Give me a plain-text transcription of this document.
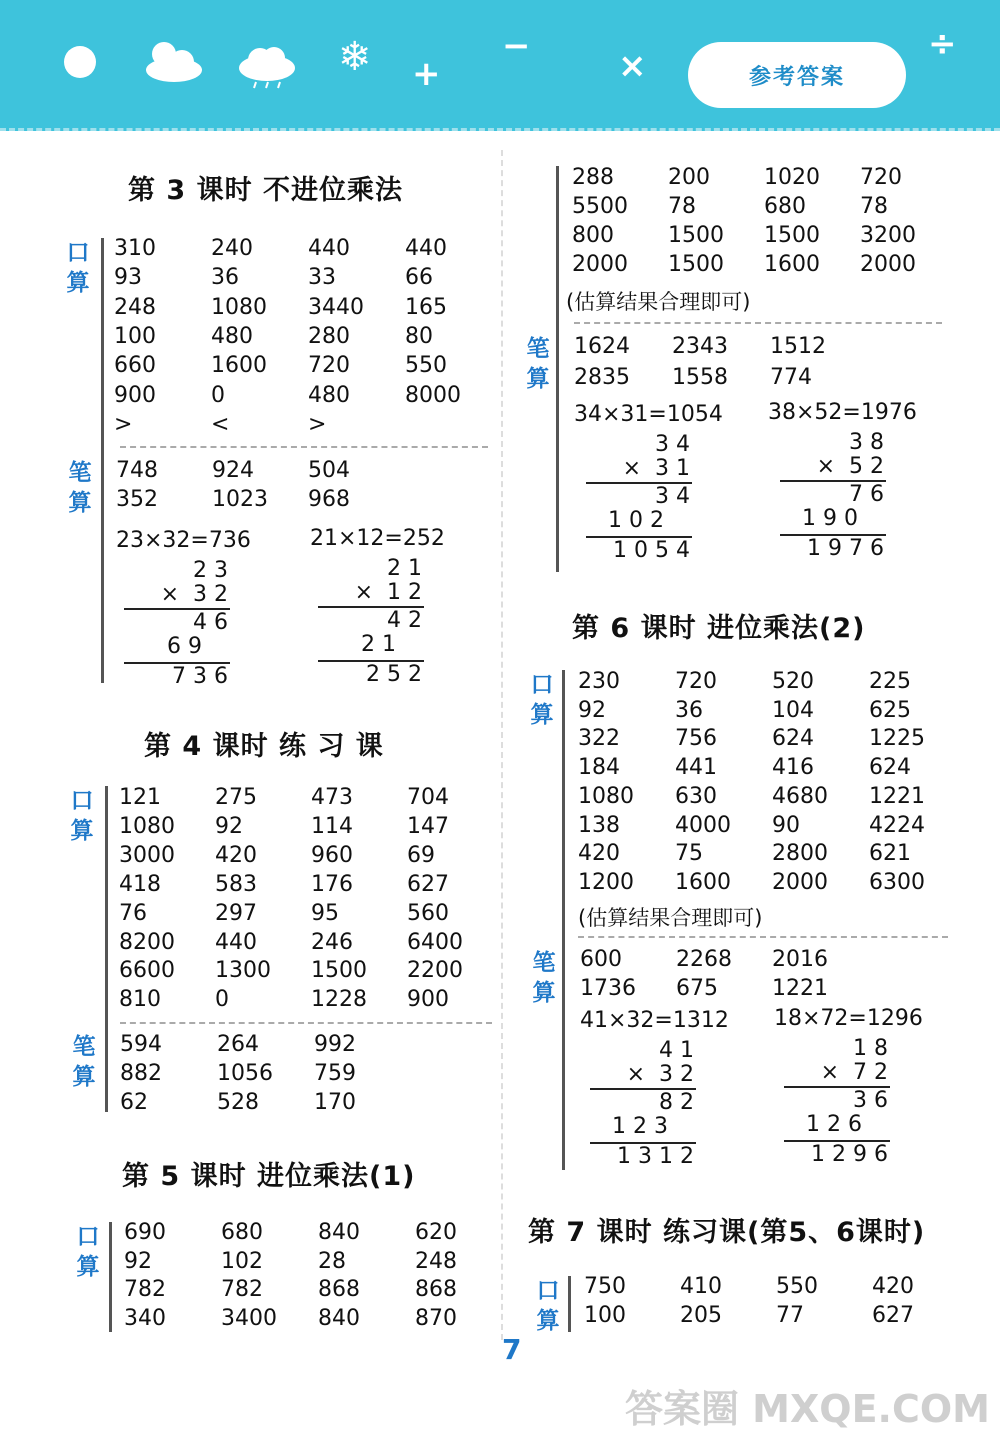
❄ +
−	×
÷
参考答案
第 3 课时 不进位乘法
口
算
310	240	440	440
93	36	33	66
248	1080 3440 165
100	480	280	80
660	1600 720	550
900	0	480	8000
>	<	>
笔
算
748 924 504
352 1023 968
23×32=736	21×12=252
2 3
×  3 2
4 6
6 9
7 3 6
2 1
×  1 2
4 2
2 1
2 5 2
第 4 课时 练 习 课
口
算
121 275 473 704
1080 92	114 147
3000 420 960 69
418 583 176 627
76	297 95	560
8200 440 246 6400
6600 1300 1500 2200
810 0	1228 900
笔
算
594	264	992
882	1056 759
62	528	170
第 5 课时 进位乘法(1)
口
算
690	680	840	620
92	102	28	248
782	782	868	868
340	3400 840	870
288 200 1020 720
5500 78	680 78
800 1500 1500 3200
2000 1500 1600 2000
(估算结果合理即可)
笔
算
1624 2343 1512
2835 1558 774
34×31=1054 38×52=1976
3 4
×  3 1
3 4
1 0 2
1 0 5 4
3 8
×  5 2
7 6
1 9 0
1 9 7 6
第 6 课时 进位乘法(2)
口
算
230	720	520	225
92	36	104	625
322	756	624	1225
184	441	416	624
1080 630	4680 1221
138	4000 90	4224
420	75	2800 621
1200 1600 2000 6300
(估算结果合理即可)
笔
算
600 2268 2016
1736 675 1221
41×32=1312 18×72=1296
4 1
×  3 2
8 2
1 2 3
1 3 1 2
1 8
×  7 2
3 6
1 2 6
1 2 9 6
第 7 课时 练习课(第5、6课时)
口
算
750 410 550 420
100 205 77	627
7
答案圈 MXQE.COM
